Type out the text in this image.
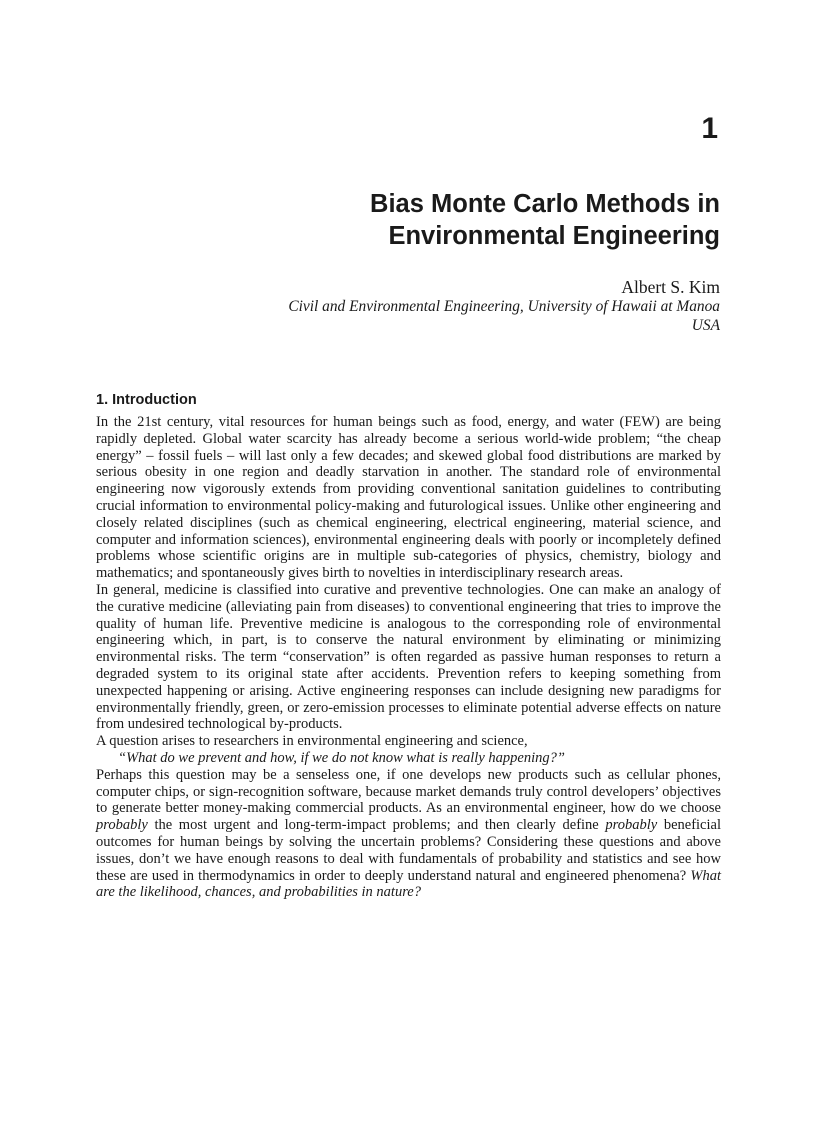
1
Bias Monte Carlo Methods in
Environmental Engineering
Albert S. Kim
Civil and Environmental Engineering, University of Hawaii at Manoa
USA
1. Introduction

In the 21st century, vital resources for human beings such as food, energy, and water (FEW) are being rapidly depleted. Global water scarcity has already become a serious world-wide problem; “the cheap energy” – fossil fuels – will last only a few decades; and skewed global food distributions are marked by serious obesity in one region and deadly starvation in another. The standard role of environmental engineering now vigorously extends from providing conventional sanitation guidelines to contributing crucial information to environmental policy-making and futurological issues. Unlike other engineering and closely related disciplines (such as chemical engineering, electrical engineering, material science, and computer and information sciences), environmental engineering deals with poorly or incompletely defined problems whose scientific origins are in multiple sub-categories of physics, chemistry, biology and mathematics; and spontaneously gives birth to novelties in interdisciplinary research areas.

In general, medicine is classified into curative and preventive technologies. One can make an analogy of the curative medicine (alleviating pain from diseases) to conventional engineering that tries to improve the quality of human life. Preventive medicine is analogous to the corresponding role of environmental engineering which, in part, is to conserve the natural environment by eliminating or minimizing environmental risks. The term “conservation” is often regarded as passive human responses to return a degraded system to its original state after accidents. Prevention refers to keeping something from unexpected happening or arising. Active engineering responses can include designing new paradigms for environmentally friendly, green, or zero-emission processes to eliminate potential adverse effects on nature from undesired technological by-products.

A question arises to researchers in environmental engineering and science,

“What do we prevent and how, if we do not know what is really happening?”

Perhaps this question may be a senseless one, if one develops new products such as cellular phones, computer chips, or sign-recognition software, because market demands truly control developers’ objectives to generate better money-making commercial products. As an environmental engineer, how do we choose probably the most urgent and long-term-impact problems; and then clearly define probably beneficial outcomes for human beings by solving the uncertain problems? Considering these questions and above issues, don’t we have enough reasons to deal with fundamentals of probability and statistics and see how these are used in thermodynamics in order to deeply understand natural and engineered phenomena? What are the likelihood, chances, and probabilities in nature?
